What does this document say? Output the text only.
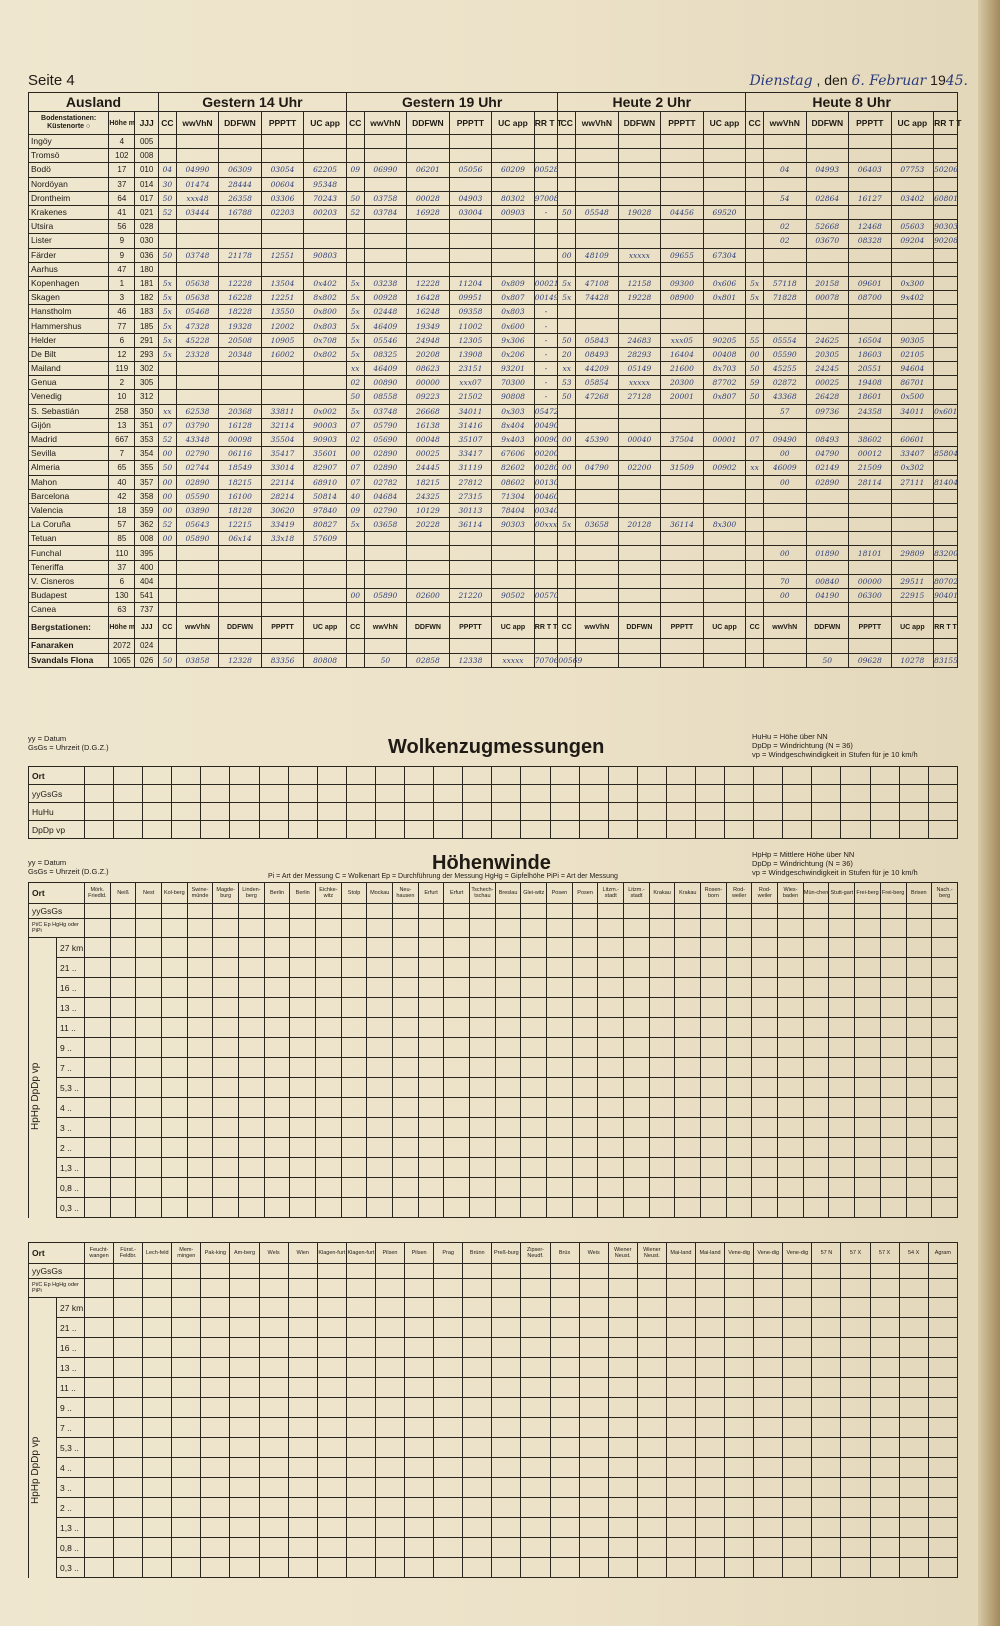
Seite 4	Dienstag , den 6. Februar 1945.
Ausland			Gestern 14 Uhr					Gestern 19 Uhr						Heute 2 Uhr					Heute 8 Uhr					

Bodenstationen:
Küstenorte ○	Höhe m	JJJ	CC	wwVhN	DDFWN	PPPTT	UC app	CC	wwVhN	DDFWN	PPPTT	UC app	RR T T	CC	wwVhN	DDFWN	PPPTT	UC app	CC	wwVhN	DDFWN	PPPTT	UC app	RR T T
Ingöy	4	005																						
Tromsö	102	008																						
Bodö	17	010	04	04990	06309	03054	62205	09	06990	06201	05056	60209	00528							04	04993	06403	07753	50206
Nordöyan	37	014	30	01474	28444	00604	95348																	
Drontheim	64	017	50	xxx48	26358	03306	70243	50	03758	00028	04903	80302	97008							54	02864	16127	03402	60801
Krakenes	41	021	52	03444	16788	02203	00203	52	03784	16928	03004	00903	-	50	05548	19028	04456	69520						
Utsira	56	028																		02	52668	12468	05603	90303
Lister	9	030																		02	03670	08328	09204	90208
Färder	9	036	50	03748	21178	12551	90803							00	48109	xxxxx	09655	67304						
Aarhus	47	180																						
Kopenhagen	1	181	5x	05638	12228	13504	0x402	5x	03238	12228	11204	0x809	00021	5x	47108	12158	09300	0x606	5x	57118	20158	09601	0x300	
Skagen	3	182	5x	05638	16228	12251	8x802	5x	00928	16428	09951	0x807	00149	5x	74428	19228	08900	0x801	5x	71828	00078	08700	9x402	
Hanstholm	46	183	5x	05468	18228	13550	0x800	5x	02448	16248	09358	0x803	-											
Hammershus	77	185	5x	47328	19328	12002	0x803	5x	46409	19349	11002	0x600	-											
Helder	6	291	5x	45228	20508	10905	0x708	5x	05546	24948	12305	9x306	-	50	05843	24683	xxx05	90205	55	05554	24625	16504	90305	
De Bilt	12	293	5x	23328	20348	16002	0x802	5x	08325	20208	13908	0x206	-	20	08493	28293	16404	00408	00	05590	20305	18603	02105	
Mailand	119	302						xx	46409	08623	23151	93201	-	xx	44209	05149	21600	8x703	50	45255	24245	20551	94604	
Genua	2	305						02	00890	00000	xxx07	70300	-	53	05854	xxxxx	20300	87702	59	02872	00025	19408	86701	
Venedig	10	312						50	08558	09223	21502	90808	-	50	47268	27128	20001	0x807	50	43368	26428	18601	0x500	
S. Sebastián	258	350	xx	62538	20368	33811	0x002	5x	03748	26668	34011	0x303	05472							57	09736	24358	34011	0x601
Gijón	13	351	07	03790	16128	32114	90003	07	05790	16138	31416	8x404	00490											
Madrid	667	353	52	43348	00098	35504	90903	02	05690	00048	35107	9x403	00090	00	45390	00040	37504	00001	07	09490	08493	38602	60601	
Sevilla	7	354	00	02790	06116	35417	35601	00	02890	00025	33417	67606	00200							00	04790	00012	33407	85804
Almeria	65	355	50	02744	18549	33014	82907	07	02890	24445	31119	82602	00280	00	04790	02200	31509	00902	xx	46009	02149	21509	0x302	
Mahon	40	357	00	02890	18215	22114	68910	07	02782	18215	27812	08602	00130							00	02890	28114	27111	81404
Barcelona	42	358	00	05590	16100	28214	50814	40	04684	24325	27315	71304	00460											
Valencia	18	359	00	03890	18128	30620	97840	09	02790	10129	30113	78404	00340											
La Coruña	57	362	52	05643	12215	33419	80827	5x	03658	20228	36114	90303	00xxx	5x	03658	20128	36114	8x300						
Tetuan	85	008	00	05890	06x14	33x18	57609																	
Funchal	110	395																		00	01890	18101	29809	83200
Teneriffa	37	400																						
V. Cisneros	6	404																		70	00840	00000	29511	80702
Budapest	130	541						00	05890	02600	21220	90502	00570							00	04190	06300	22915	90401
Canea	63	737																						
Bergstationen:	Höhe m	JJJ	CC	wwVhN	DDFWN	PPPTT	UC app	CC	wwVhN	DDFWN	PPPTT	UC app	RR T T	CC	wwVhN	DDFWN	PPPTT	UC app	CC	wwVhN	DDFWN	PPPTT	UC app	RR T T
Fanaraken	2072	024																						
Svandals Flona	1065	026	50	03858	12328	83356	80808		50	02858	12338	xxxxx	70706	00569							50	09628	10278	83155
yy = Datum
GsGs = Uhrzeit (D.G.Z.)	Wolkenzugmessungen	HuHu = Höhe über NN
DpDp = Windrichtung (N = 36)
vp = Windgeschwindigkeit in Stufen für je 10 km/h
Ort																														
yyGsGs																														
HuHu																														
DpDp vp																														
yy = Datum
GsGs = Uhrzeit (D.G.Z.)	Höhenwinde
Pi = Art der Messung C = Wolkenart Ep = Durchführung der Messung HgHg = Gipfelhöhe PiPi = Art der Messung
HpHp = Mittlere Höhe über NN
DpDp = Windrichtung (N = 36)
vp = Windgeschwindigkeit in Stufen für je 10 km/h
Ort		Mörk. Friedld.	Neiß	Nest	Kol-berg	Swine-münde	Magde-burg	Linden-berg	Berlin	Berlin	Eichke-witz	Stolp	Mockau	Neu-hausen	Erfurt	Erfurt	Tschech-tschau	Breslau	Glei-witz	Posen	Posen	Litzm.-stadt	Litzm.-stadt	Krakau	Krakau	Rosen-born	Rod-weiler	Rod-weiler	Wies-baden	Mün-chen	Stutt-gart	Frei-berg	Frei-berg	Brixen	Nach.-berg
yyGsGs																																			
Pi/C Ep HgHg oder PiPi																																			
	27 km																																		
	21 ..																																		
	16 ..																																		
	13 ..																																		
	11 ..																																		
	9 ..																																		
	7 ..																																		
	5,3 ..																																		
	4 ..																																		
	3 ..																																		
	2 ..																																		
	1,3 ..																																		
	0,8 ..																																		
	0,3 ..																																		
HpHp DpDp vp
Ort		Feucht-wangen	Fürst.-Feldbr.	Lech-feld	Mem-mingen	Pak-king	Am-berg	Wels	Wien	Klagen-furt	Klagen-furt	Pilsen	Pilsen	Prag	Brünn	Preß-burg	Zipser-Neudf.	Brüx	Weis	Wiener Neust.	Wiener Neust.	Mai-land	Mai-land	Vene-dig	Vene-dig	Vene-dig	57 N	57 X	57 X	54 X	Agram
yyGsGs																															
Pi/C Ep HgHg oder PiPi																															
	27 km																														
	21 ..																														
	16 ..																														
	13 ..																														
	11 ..																														
	9 ..																														
	7 ..																														
	5,3 ..																														
	4 ..																														
	3 ..																														
	2 ..																														
	1,3 ..																														
	0,8 ..																														
	0,3 ..																														
HpHp DpDp vp
